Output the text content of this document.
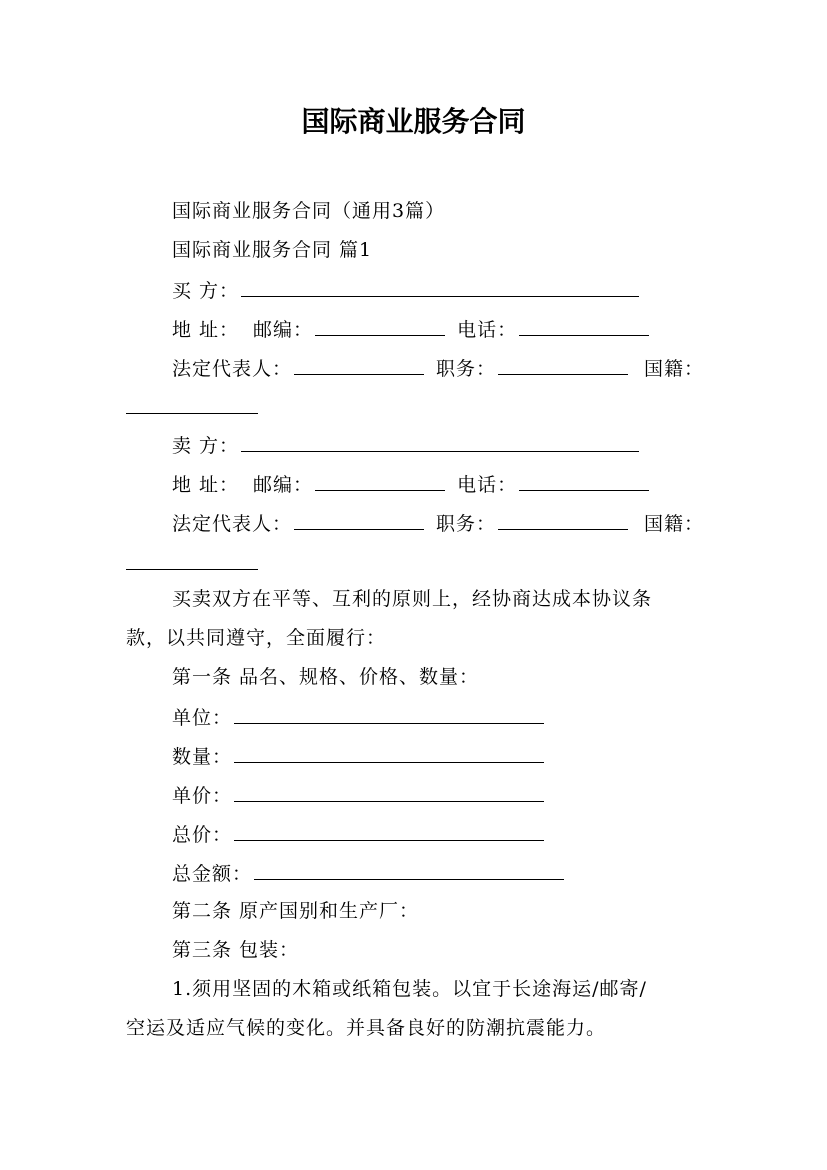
国际商业服务合同
国际商业服务合同（通用3篇）
国际商业服务合同 篇1
买 方：
地 址： 邮编：	电话：
法定代表人：	职务：	国籍：
卖 方：
地 址： 邮编：	电话：
法定代表人：	职务：	国籍：
买卖双方在平等、互利的原则上，经协商达成本协议条
款，以共同遵守，全面履行：
第一条 品名、规格、价格、数量：
单位：
数量：
单价：
总价：
总金额：
第二条 原产国别和生产厂：
第三条 包装：
1.须用坚固的木箱或纸箱包装。以宜于长途海运/邮寄/
空运及适应气候的变化。并具备良好的防潮抗震能力。
